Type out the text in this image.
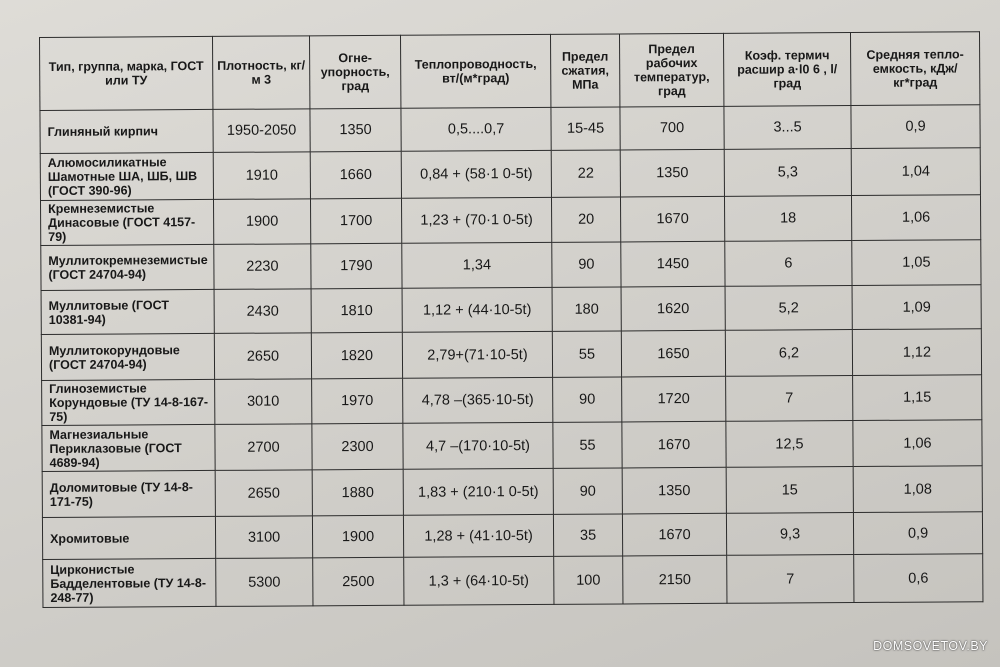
Тип, группа, марка, ГОСТ или ТУ	Плотность, кг/м 3	Огне-упорность, град	Теплопроводность, вт/(м*град)	Предел сжатия, МПа	Предел рабочих температур, град	Коэф. термич расшир a·l0 6 , l/град	Средняя тепло-емкость, кДж/кг*град
Глиняный кирпич	1950-2050	1350	0,5....0,7	15-45	700	3...5	0,9
Алюмосиликатные Шамотные ША, ШБ, ШВ (ГОСТ 390-96)	1910	1660	0,84 + (58·1 0-5t)	22	1350	5,3	1,04
Кремнеземистые Динасовые (ГОСТ 4157-79)	1900	1700	1,23 + (70·1 0-5t)	20	1670	18	1,06
Муллитокремнеземистые (ГОСТ 24704-94)	2230	1790	1,34	90	1450	6	1,05
Муллитовые (ГОСТ 10381-94)	2430	1810	1,12 + (44·10-5t)	180	1620	5,2	1,09
Муллитокорундовые (ГОСТ 24704-94)	2650	1820	2,79+(71·10-5t)	55	1650	6,2	1,12
Глиноземистые Корундовые (ТУ 14-8-167-75)	3010	1970	4,78 –(365·10-5t)	90	1720	7	1,15
Магнезиальные Периклазовые (ГОСТ 4689-94)	2700	2300	4,7 –(170·10-5t)	55	1670	12,5	1,06
Доломитовые (ТУ 14-8-171-75)	2650	1880	1,83 + (210·1 0-5t)	90	1350	15	1,08
Хромитовые	3100	1900	1,28 + (41·10-5t)	35	1670	9,3	0,9
Цирконистые Бадделентовые (ТУ 14-8-248-77)	5300	2500	1,3 + (64·10-5t)	100	2150	7	0,6
DOMSOVETOV.BY
